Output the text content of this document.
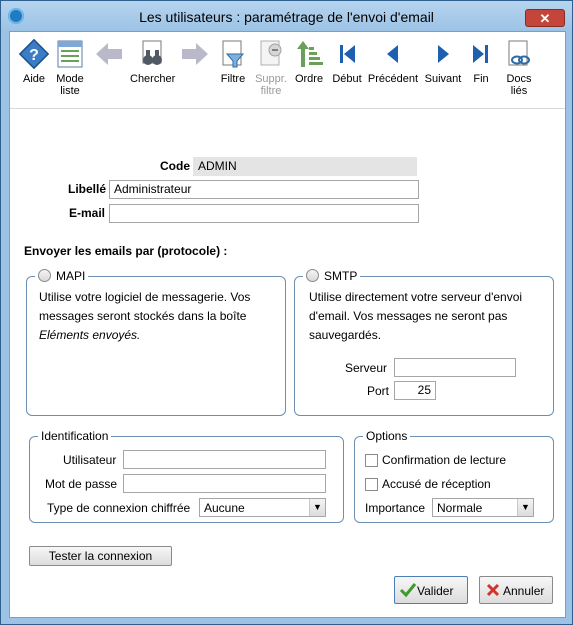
Les utilisateurs : paramétrage de l'envoi d'email	✕
?
Aide	Mode
liste
Chercher	Filtre Suppr.
filtre
Ordre Début Précédent Suivant	Fin	Docs
liés
Code ADMIN
Libellé Administrateur
E-mail
Envoyer les emails par (protocole) :
MAPI
Utilise votre logiciel de messagerie. Vos
messages seront stockés dans la boîte
Eléments envoyés.
SMTP
Utilise directement votre serveur d'envoi
d'email. Vos messages ne seront pas
sauvegardés.
Serveur
Port	25
Identification
Utilisateur
Mot de passe
Type de connexion chiffrée	Aucune	▼
Options
Confirmation de lecture
Accusé de réception
Importance Normale	▼
Tester la connexion
Valider	Annuler
